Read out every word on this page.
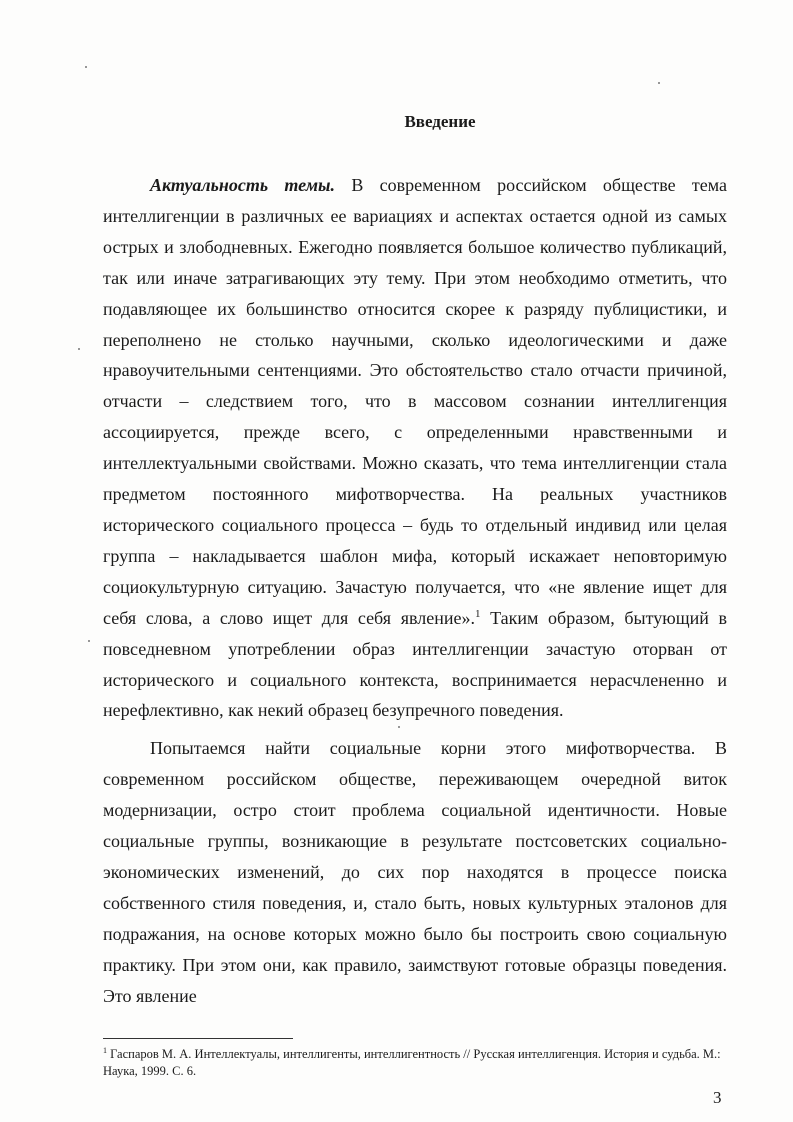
Введение

Актуальность темы. В современном российском обществе тема интеллигенции в различных ее вариациях и аспектах остается одной из самых острых и злободневных. Ежегодно появляется большое количество публикаций, так или иначе затрагивающих эту тему. При этом необходимо отметить, что подавляющее их большинство относится скорее к разряду публицистики, и переполнено не столько научными, сколько идеологическими и даже нравоучительными сентенциями. Это обстоятельство стало отчасти причиной, отчасти – следствием того, что в массовом сознании интеллигенция ассоциируется, прежде всего, с определенными нравственными и интеллектуальными свойствами. Можно сказать, что тема интеллигенции стала предметом постоянного мифотворчества. На реальных участников исторического социального процесса – будь то отдельный индивид или целая группа – накладывается шаблон мифа, который искажает неповторимую социокультурную ситуацию. Зачастую получается, что «не явление ищет для себя слова, а слово ищет для себя явление».$^1$ Таким образом, бытующий в повседневном употреблении образ интеллигенции зачастую оторван от исторического и социального контекста, воспринимается нерасчлененно и нерефлективно, как некий образец безупречного поведения.

Попытаемся найти социальные корни этого мифотворчества. В современном российском обществе, переживающем очередной виток модернизации, остро стоит проблема социальной идентичности. Новые социальные группы, возникающие в результате постсоветских социально-экономических изменений, до сих пор находятся в процессе поиска собственного стиля поведения, и, стало быть, новых культурных эталонов для подражания, на основе которых можно было бы построить свою социальную практику. При этом они, как правило, заимствуют готовые образцы поведения. Это явление

$^1$ Гаспаров М. А. Интеллектуалы, интеллигенты, интеллигентность // Русская интеллигенция. История и судьба. М.: Наука, 1999. С. 6.
3
